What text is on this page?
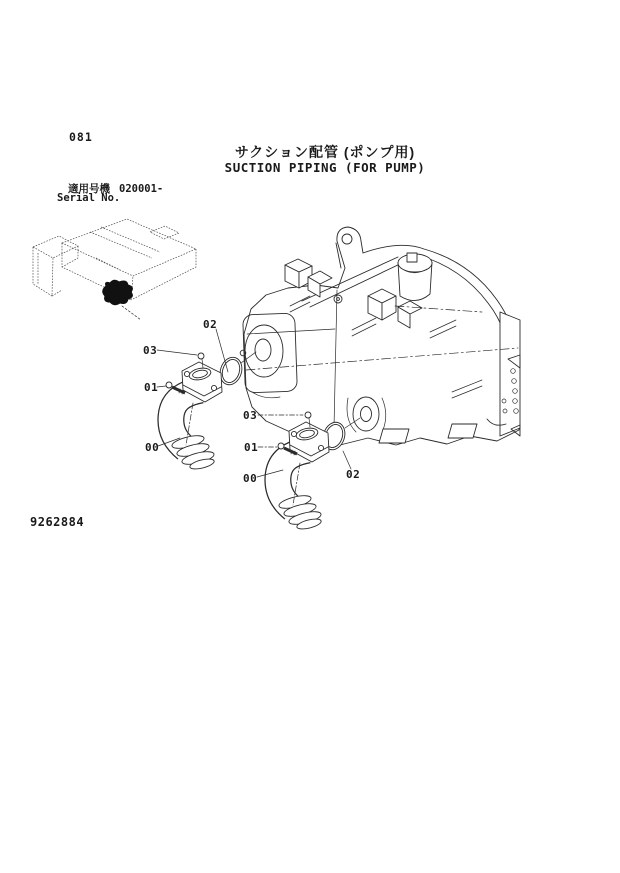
081
サクション配管 (ポンプ用)
SUCTION PIPING (FOR PUMP)
適用号機 020001-
Serial No.
9262884
02
03
01
00
03
01
00	02
